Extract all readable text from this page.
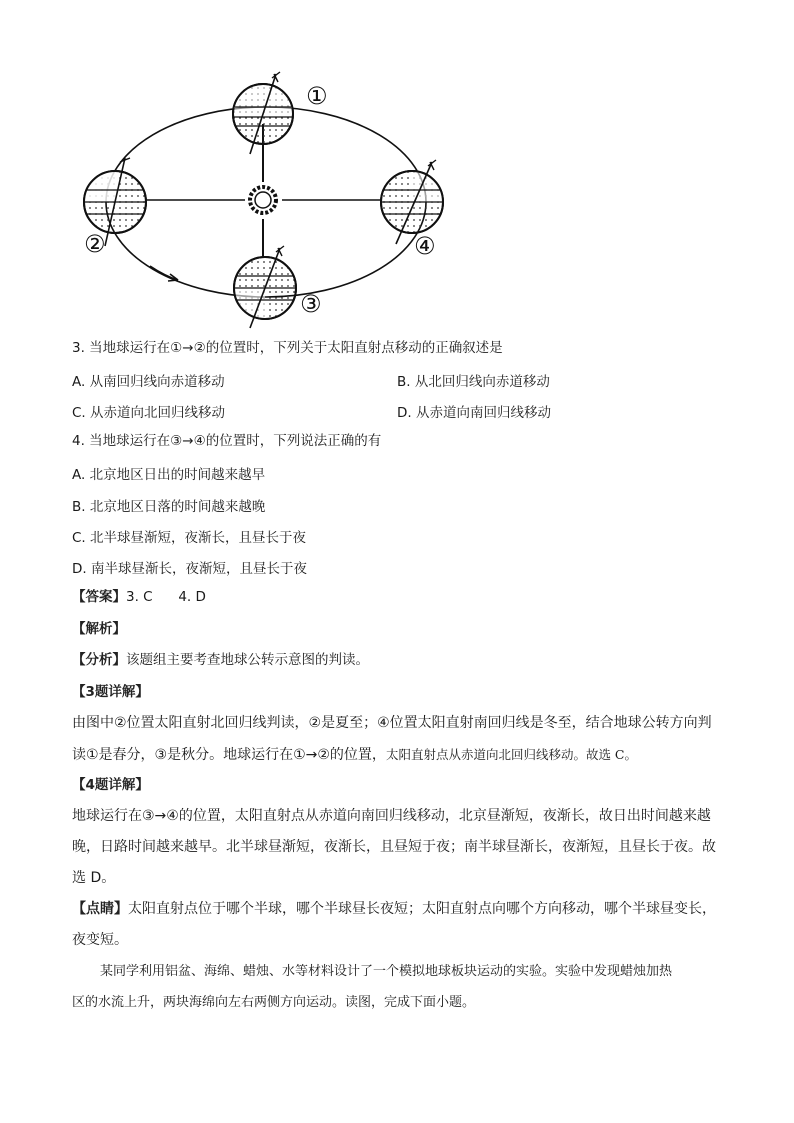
①
②
③
④
3. 当地球运行在①→②的位置时，下列关于太阳直射点移动的正确叙述是
A. 从南回归线向赤道移动	B. 从北回归线向赤道移动
C. 从赤道向北回归线移动	D. 从赤道向南回归线移动
4. 当地球运行在③→④的位置时，下列说法正确的有
A. 北京地区日出的时间越来越早
B. 北京地区日落的时间越来越晚
C. 北半球昼渐短，夜渐长，且昼长于夜
D. 南半球昼渐长，夜渐短，且昼长于夜
【答案】3. C      4. D
【解析】
【分析】该题组主要考查地球公转示意图的判读。
【3题详解】
由图中②位置太阳直射北回归线判读，②是夏至；④位置太阳直射南回归线是冬至，结合地球公转方向判
读①是春分，③是秋分。地球运行在①→②的位置，太阳直射点从赤道向北回归线移动。故选 C。
【4题详解】
地球运行在③→④的位置，太阳直射点从赤道向南回归线移动，北京昼渐短，夜渐长，故日出时间越来越
晚，日路时间越来越早。北半球昼渐短，夜渐长，且昼短于夜；南半球昼渐长，夜渐短，且昼长于夜。故
选 D。
【点睛】太阳直射点位于哪个半球，哪个半球昼长夜短；太阳直射点向哪个方向移动，哪个半球昼变长，
夜变短。
某同学利用铝盆、海绵、蜡烛、水等材料设计了一个模拟地球板块运动的实验。实验中发现蜡烛加热
区的水流上升，两块海绵向左右两侧方向运动。读图，完成下面小题。
